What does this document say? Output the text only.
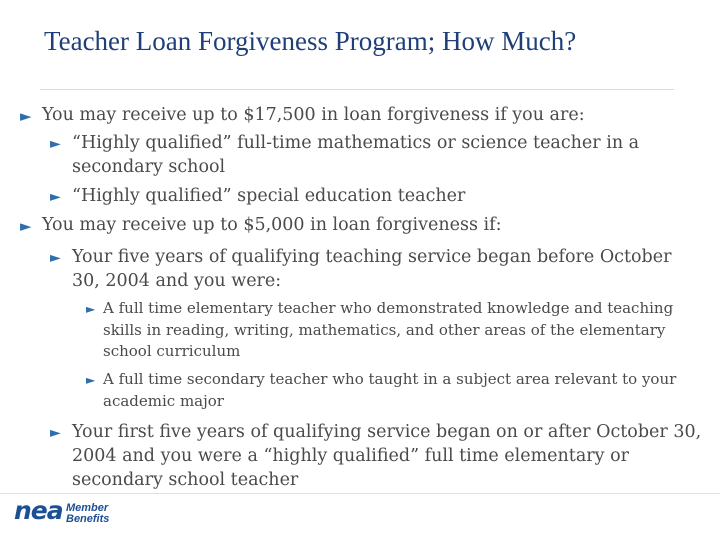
Teacher Loan Forgiveness Program; How Much?
► You may receive up to $17,500 in loan forgiveness if you are:
► “Highly qualified” full-time mathematics or science teacher in a secondary school
► “Highly qualified” special education teacher
► You may receive up to $5,000 in loan forgiveness if:
► Your five years of qualifying teaching service began before October 30, 2004 and you were:
► A full time elementary teacher who demonstrated knowledge and teaching skills in reading, writing, mathematics, and other areas of the elementary school curriculum
► A full time secondary teacher who taught in a subject area relevant to your academic major
► Your first five years of qualifying service began on or after October 30, 2004 and you were a “highly qualified” full time elementary or secondary school teacher
nea Member
Benefits
